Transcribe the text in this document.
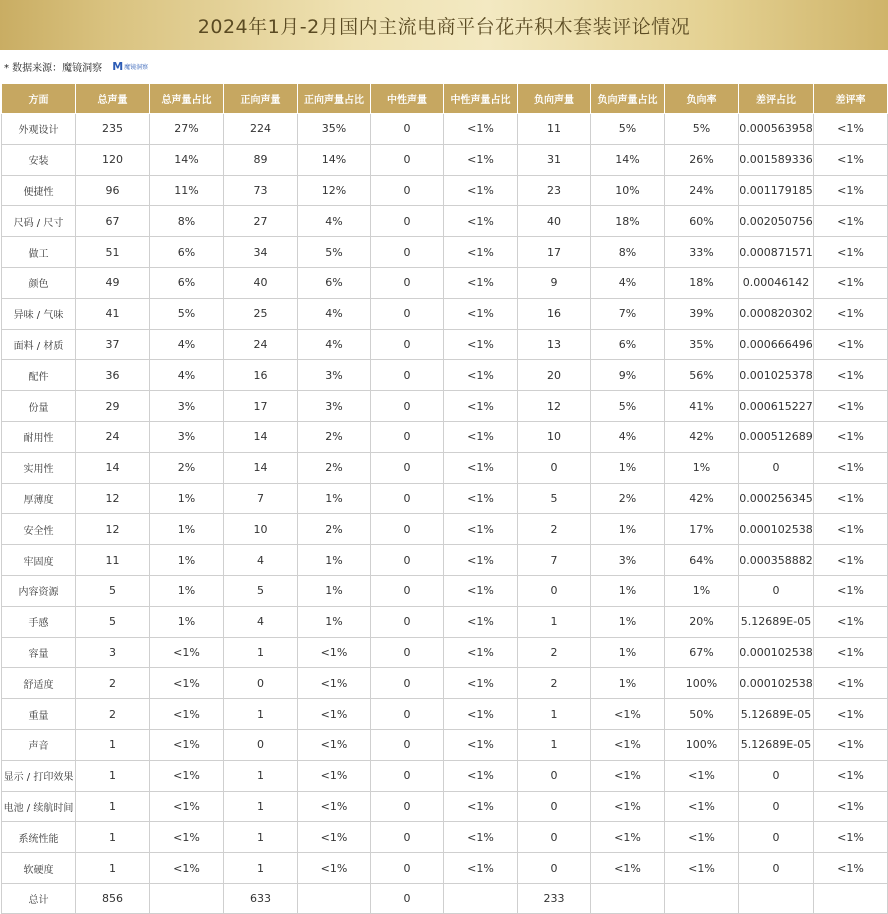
2024年1月-2月国内主流电商平台花卉积木套装评论情况
* 数据来源：魔镜洞察 M 魔镜洞察
方面	总声量	总声量占比	正向声量	正向声量占比	中性声量	中性声量占比	负向声量	负向声量占比	负向率	差评占比	差评率
外观设计	235	27%	224	35%	0	<1%	11	5%	5%	0.000563958	<1%
安装	120	14%	89	14%	0	<1%	31	14%	26%	0.001589336	<1%
便捷性	96	11%	73	12%	0	<1%	23	10%	24%	0.001179185	<1%
尺码 / 尺寸	67	8%	27	4%	0	<1%	40	18%	60%	0.002050756	<1%
做工	51	6%	34	5%	0	<1%	17	8%	33%	0.000871571	<1%
颜色	49	6%	40	6%	0	<1%	9	4%	18%	0.00046142	<1%
异味 / 气味	41	5%	25	4%	0	<1%	16	7%	39%	0.000820302	<1%
面料 / 材质	37	4%	24	4%	0	<1%	13	6%	35%	0.000666496	<1%
配件	36	4%	16	3%	0	<1%	20	9%	56%	0.001025378	<1%
份量	29	3%	17	3%	0	<1%	12	5%	41%	0.000615227	<1%
耐用性	24	3%	14	2%	0	<1%	10	4%	42%	0.000512689	<1%
实用性	14	2%	14	2%	0	<1%	0	1%	1%	0	<1%
厚薄度	12	1%	7	1%	0	<1%	5	2%	42%	0.000256345	<1%
安全性	12	1%	10	2%	0	<1%	2	1%	17%	0.000102538	<1%
牢固度	11	1%	4	1%	0	<1%	7	3%	64%	0.000358882	<1%
内容资源	5	1%	5	1%	0	<1%	0	1%	1%	0	<1%
手感	5	1%	4	1%	0	<1%	1	1%	20%	5.12689E-05	<1%
容量	3	<1%	1	<1%	0	<1%	2	1%	67%	0.000102538	<1%
舒适度	2	<1%	0	<1%	0	<1%	2	1%	100%	0.000102538	<1%
重量	2	<1%	1	<1%	0	<1%	1	<1%	50%	5.12689E-05	<1%
声音	1	<1%	0	<1%	0	<1%	1	<1%	100%	5.12689E-05	<1%
显示 / 打印效果	1	<1%	1	<1%	0	<1%	0	<1%	<1%	0	<1%
电池 / 续航时间	1	<1%	1	<1%	0	<1%	0	<1%	<1%	0	<1%
系统性能	1	<1%	1	<1%	0	<1%	0	<1%	<1%	0	<1%
软硬度	1	<1%	1	<1%	0	<1%	0	<1%	<1%	0	<1%
总计	856		633		0		233				
